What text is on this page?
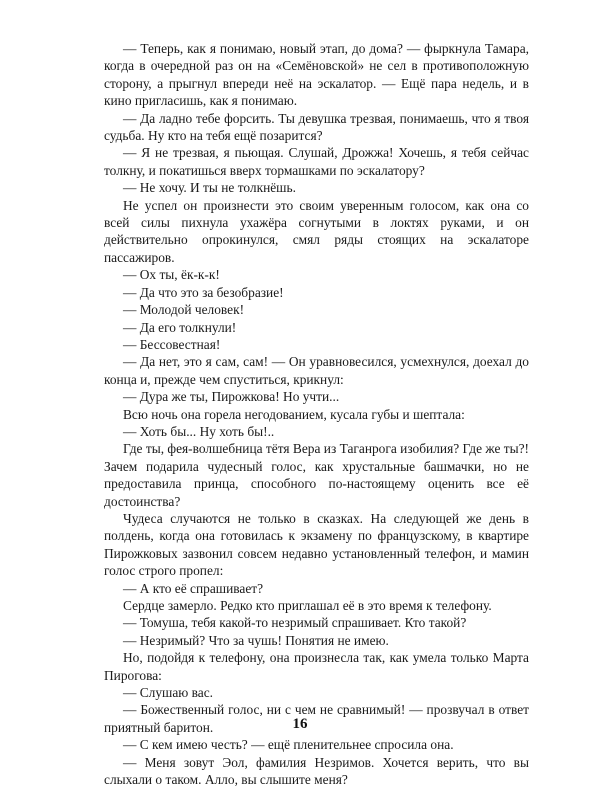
— Теперь, как я понимаю, новый этап, до дома? — фыркнула Тамара, когда в очередной раз он на «Семёновской» не сел в противоположную сторону, а прыгнул впереди неё на эскалатор. — Ещё пара недель, и в кино пригласишь, как я понимаю.

— Да ладно тебе форсить. Ты девушка трезвая, понимаешь, что я твоя судьба. Ну кто на тебя ещё позарится?

— Я не трезвая, я пьющая. Слушай, Дрожжа! Хочешь, я тебя сейчас толкну, и покатишься вверх тормашками по эскалатору?

— Не хочу. И ты не толкнёшь.

Не успел он произнести это своим уверенным голосом, как она со всей силы пихнула ухажёра согнутыми в локтях руками, и он действительно опрокинулся, смял ряды стоящих на эскалаторе пассажиров.

— Ох ты, ёк-к-к!

— Да что это за безобразие!

— Молодой человек!

— Да его толкнули!

— Бессовестная!

— Да нет, это я сам, сам! — Он уравновесился, усмехнулся, доехал до конца и, прежде чем спуститься, крикнул:

— Дура же ты, Пирожкова! Но учти...

Всю ночь она горела негодованием, кусала губы и шептала:

— Хоть бы... Ну хоть бы!..

Где ты, фея-волшебница тётя Вера из Таганрога изобилия? Где же ты?! Зачем подарила чудесный голос, как хрустальные башмачки, но не предоставила принца, способного по-настоящему оценить все её достоинства?

Чудеса случаются не только в сказках. На следующей же день в полдень, когда она готовилась к экзамену по французскому, в квартире Пирожковых зазвонил совсем недавно установленный телефон, и мамин голос строго пропел:

— А кто её спрашивает?

Сердце замерло. Редко кто приглашал её в это время к телефону.

— Томуша, тебя какой-то незримый спрашивает. Кто такой?

— Незримый? Что за чушь! Понятия не имею.

Но, подойдя к телефону, она произнесла так, как умела только Марта Пирогова:

— Слушаю вас.

— Божественный голос, ни с чем не сравнимый! — прозвучал в ответ приятный баритон.

— С кем имею честь? — ещё пленительнее спросила она.

— Меня зовут Эол, фамилия Незримов. Хочется верить, что вы слыхали о таком. Алло, вы слышите меня?

16
